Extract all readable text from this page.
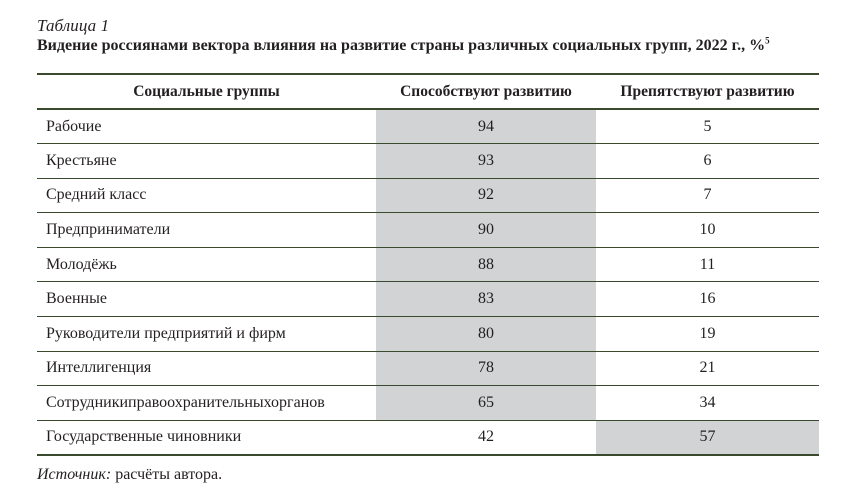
Таблица 1
Видение россиянами вектора влияния на развитие страны различных социальных групп, 2022 г., %$^5$
Социальные группы	Способствуют развитию	Препятствуют развитию
Рабочие	94	5
Крестьяне	93	6
Средний класс	92	7
Предприниматели	90	10
Молодёжь	88	11
Военные	83	16
Руководители предприятий и фирм	80	19
Интеллигенция	78	21
Сотрудникиправоохранительныхорганов	65	34
Государственные чиновники	42	57
Источник: расчёты автора.
